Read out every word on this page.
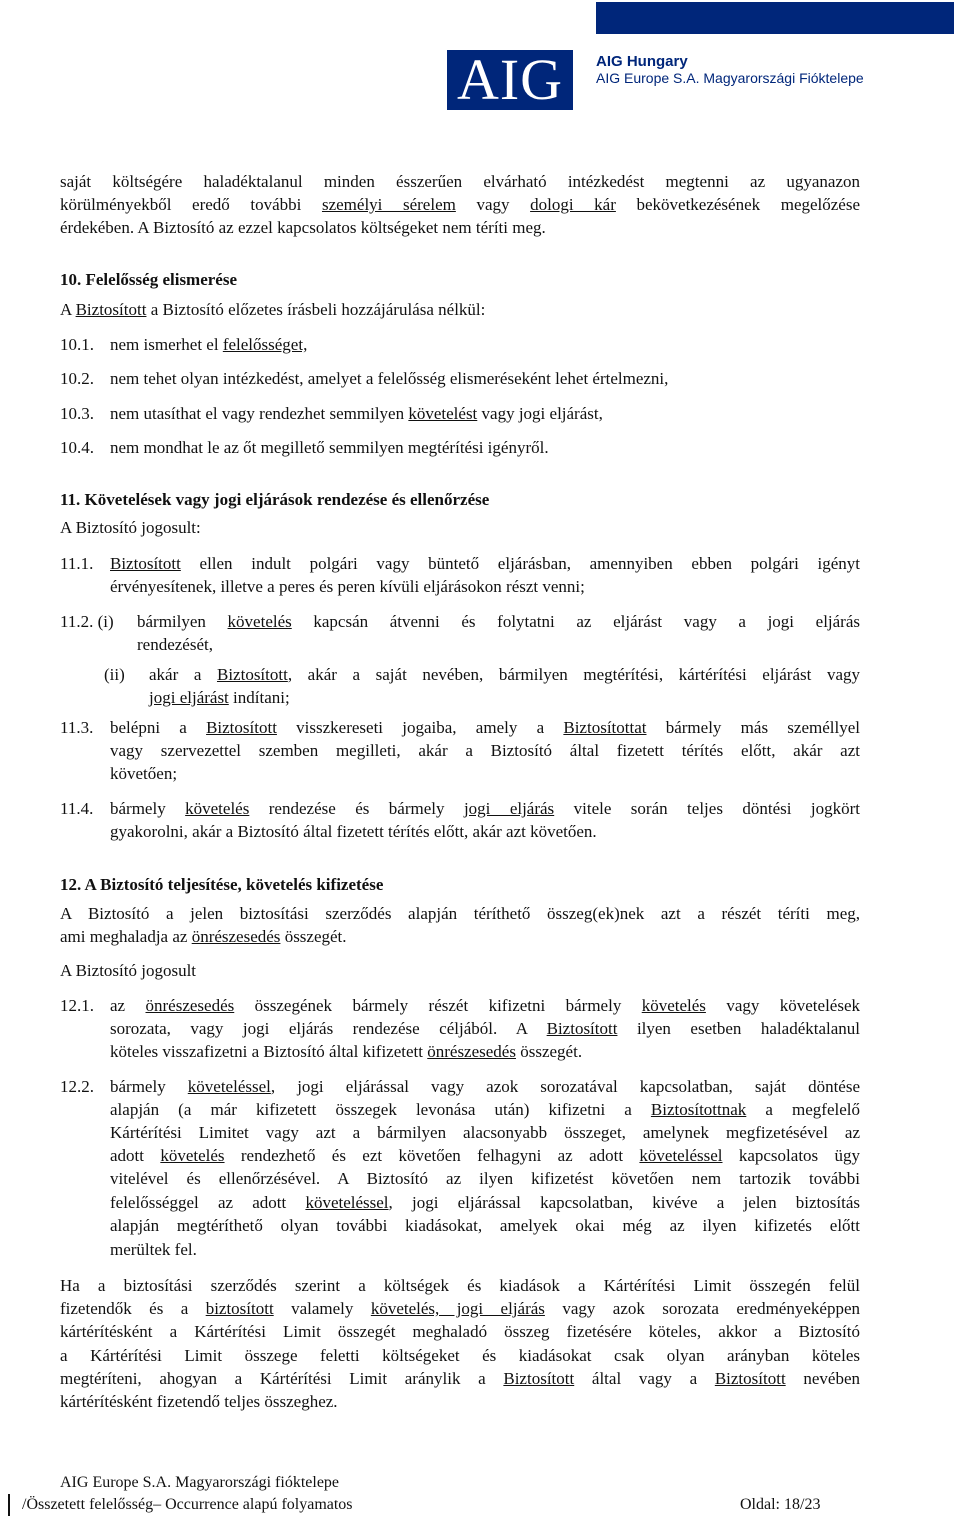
AIG	AIG Hungary
AIG Europe S.A. Magyarországi Fióktelepe
saját költségére haladéktalanul minden ésszerűen elvárható intézkedést megtenni az ugyanazon
körülményekből eredő további személyi sérelem vagy dologi kár bekövetkezésének megelőzése
érdekében. A Biztosító az ezzel kapcsolatos költségeket nem téríti meg.
10. Felelősség elismerése
A Biztosított a Biztosító előzetes írásbeli hozzájárulása nélkül:
10.1. nem ismerhet el felelősséget,
10.2. nem tehet olyan intézkedést, amelyet a felelősség elismeréseként lehet értelmezni,
10.3. nem utasíthat el vagy rendezhet semmilyen követelést vagy jogi eljárást,
10.4. nem mondhat le az őt megillető semmilyen megtérítési igényről.
11. Követelések vagy jogi eljárások rendezése és ellenőrzése
A Biztosító jogosult:
11.1. Biztosított ellen indult polgári vagy büntető eljárásban, amennyiben ebben polgári igényt
érvényesítenek, illetve a peres és peren kívüli eljárásokon részt venni;
11.2. (i) bármilyen követelés kapcsán átvenni és folytatni az eljárást vagy a jogi eljárás
rendezését,
(ii) akár a Biztosított, akár a saját nevében, bármilyen megtérítési, kártérítési eljárást vagy
jogi eljárást indítani;
11.3. belépni a Biztosított visszkereseti jogaiba, amely a Biztosítottat bármely más személlyel
vagy szervezettel szemben megilleti, akár a Biztosító által fizetett térítés előtt, akár azt
követően;
11.4. bármely követelés rendezése és bármely jogi eljárás vitele során teljes döntési jogkört
gyakorolni, akár a Biztosító által fizetett térítés előtt, akár azt követően.
12. A Biztosító teljesítése, követelés kifizetése
A Biztosító a jelen biztosítási szerződés alapján téríthető összeg(ek)nek azt a részét téríti meg,
ami meghaladja az önrészesedés összegét.
A Biztosító jogosult
12.1. az önrészesedés összegének bármely részét kifizetni bármely követelés vagy követelések
sorozata, vagy jogi eljárás rendezése céljából. A Biztosított ilyen esetben haladéktalanul
köteles visszafizetni a Biztosító által kifizetett önrészesedés összegét.
12.2. bármely követeléssel, jogi eljárással vagy azok sorozatával kapcsolatban, saját döntése
alapján (a már kifizetett összegek levonása után) kifizetni a Biztosítottnak a megfelelő
Kártérítési Limitet vagy azt a bármilyen alacsonyabb összeget, amelynek megfizetésével az
adott követelés rendezhető és ezt követően felhagyni az adott követeléssel kapcsolatos ügy
vitelével és ellenőrzésével. A Biztosító az ilyen kifizetést követően nem tartozik további
felelősséggel az adott követeléssel, jogi eljárással kapcsolatban, kivéve a jelen biztosítás
alapján megtéríthető olyan további kiadásokat, amelyek okai még az ilyen kifizetés előtt
merültek fel.
Ha a biztosítási szerződés szerint a költségek és kiadások a Kártérítési Limit összegén felül
fizetendők és a biztosított valamely követelés, jogi eljárás vagy azok sorozata eredményeképpen
kártérítésként a Kártérítési Limit összegét meghaladó összeg fizetésére köteles, akkor a Biztosító
a Kártérítési Limit összege feletti költségeket és kiadásokat csak olyan arányban köteles
megtéríteni, ahogyan a Kártérítési Limit aránylik a Biztosított által vagy a Biztosított nevében
kártérítésként fizetendő teljes összeghez.
AIG Europe S.A. Magyarországi fióktelepe
/Összetett felelősség– Occurrence alapú folyamatos	Oldal: 18/23
